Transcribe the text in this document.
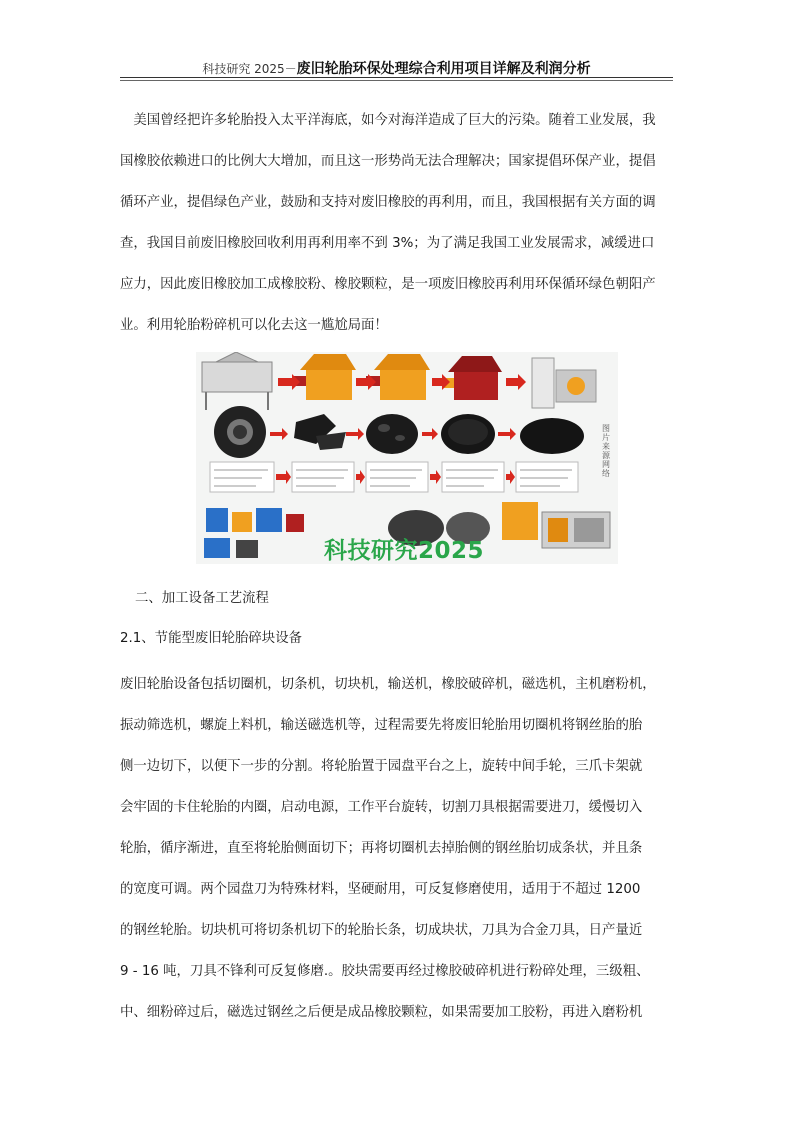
科技研究 2025－废旧轮胎环保处理综合利用项目详解及利润分析
　美国曾经把许多轮胎投入太平洋海底，如今对海洋造成了巨大的污染。随着工业发展，我
国橡胶依赖进口的比例大大增加，而且这一形势尚无法合理解决；国家提倡环保产业，提倡
循环产业，提倡绿色产业，鼓励和支持对废旧橡胶的再利用，而且，我国根据有关方面的调
查，我国目前废旧橡胶回收利用再利用率不到 3%；为了满足我国工业发展需求，减缓进口
应力，因此废旧橡胶加工成橡胶粉、橡胶颗粒，是一项废旧橡胶再利用环保循环绿色朝阳产
业。利用轮胎粉碎机可以化去这一尴尬局面！
科技研究2025
图片来源网络

二、加工设备工艺流程

2.1、节能型废旧轮胎碎块设备

废旧轮胎设备包括切圈机，切条机，切块机，输送机，橡胶破碎机，磁选机，主机磨粉机，
振动筛选机，螺旋上料机，输送磁选机等，过程需要先将废旧轮胎用切圈机将钢丝胎的胎
侧一边切下，以便下一步的分割。将轮胎置于园盘平台之上，旋转中间手轮，三爪卡架就
会牢固的卡住轮胎的内圈，启动电源，工作平台旋转，切割刀具根据需要进刀，缓慢切入
轮胎，循序渐进，直至将轮胎侧面切下；再将切圈机去掉胎侧的钢丝胎切成条状，并且条
的宽度可调。两个园盘刀为特殊材料，坚硬耐用，可反复修磨使用，适用于不超过 1200
的钢丝轮胎。切块机可将切条机切下的轮胎长条，切成块状，刀具为合金刀具，日产量近
9 - 16 吨，刀具不锋利可反复修磨.。胶块需要再经过橡胶破碎机进行粉碎处理，三级粗、
中、细粉碎过后，磁选过钢丝之后便是成品橡胶颗粒，如果需要加工胶粉，再进入磨粉机
